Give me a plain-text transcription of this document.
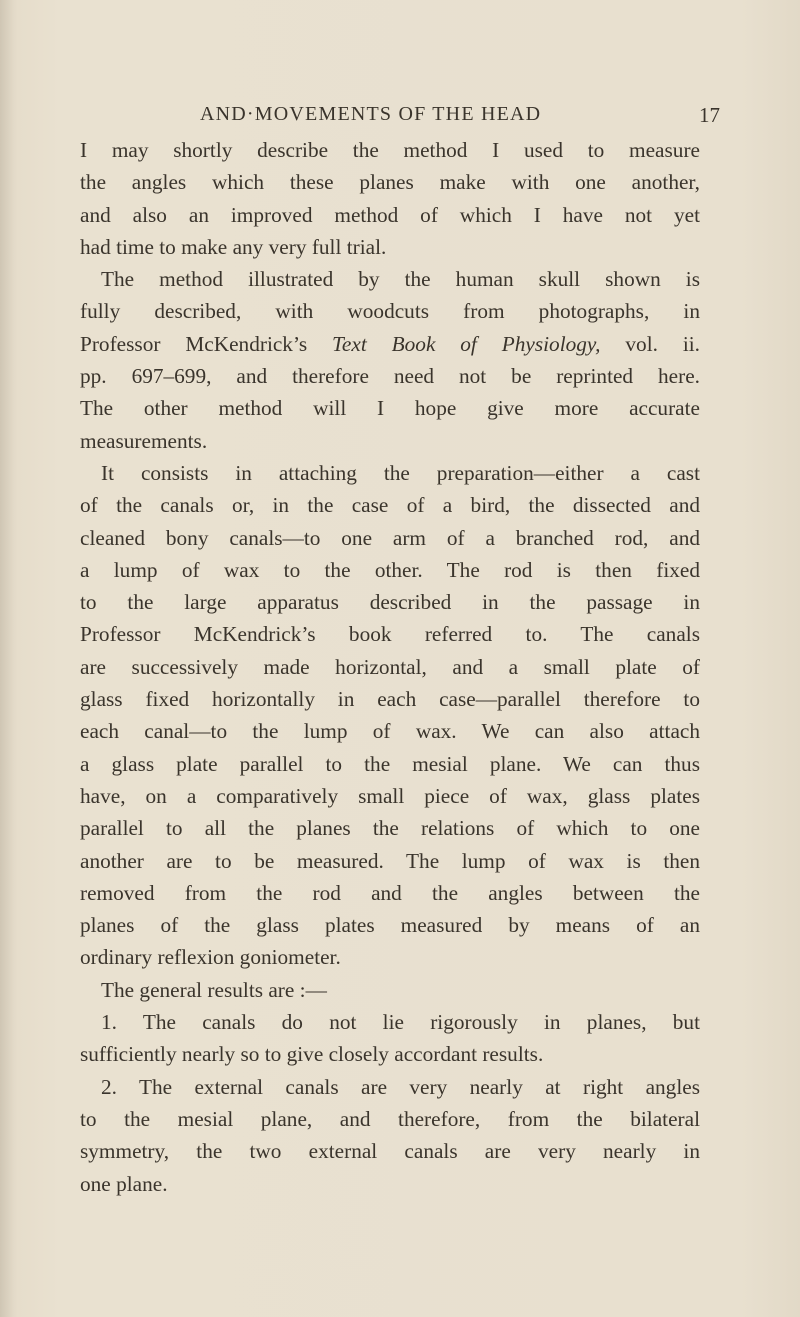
AND·MOVEMENTS OF THE HEAD	17
I may shortly describe the method I used to measure
the angles which these planes make with one another,
and also an improved method of which I have not yet
had time to make any very full trial.
The method illustrated by the human skull shown is
fully described, with woodcuts from photographs, in
Professor McKendrick’s Text Book of Physiology, vol. ii.
pp. 697–699, and therefore need not be reprinted here.
The other method will I hope give more accurate
measurements.
It consists in attaching the preparation—either a cast
of the canals or, in the case of a bird, the dissected and
cleaned bony canals—to one arm of a branched rod, and
a lump of wax to the other. The rod is then fixed
to the large apparatus described in the passage in
Professor McKendrick’s book referred to. The canals
are successively made horizontal, and a small plate of
glass fixed horizontally in each case—parallel therefore to
each canal—to the lump of wax. We can also attach
a glass plate parallel to the mesial plane. We can thus
have, on a comparatively small piece of wax, glass plates
parallel to all the planes the relations of which to one
another are to be measured. The lump of wax is then
removed from the rod and the angles between the
planes of the glass plates measured by means of an
ordinary reflexion goniometer.
The general results are :—
1. The canals do not lie rigorously in planes, but
sufficiently nearly so to give closely accordant results.
2. The external canals are very nearly at right angles
to the mesial plane, and therefore, from the bilateral
symmetry, the two external canals are very nearly in
one plane.
